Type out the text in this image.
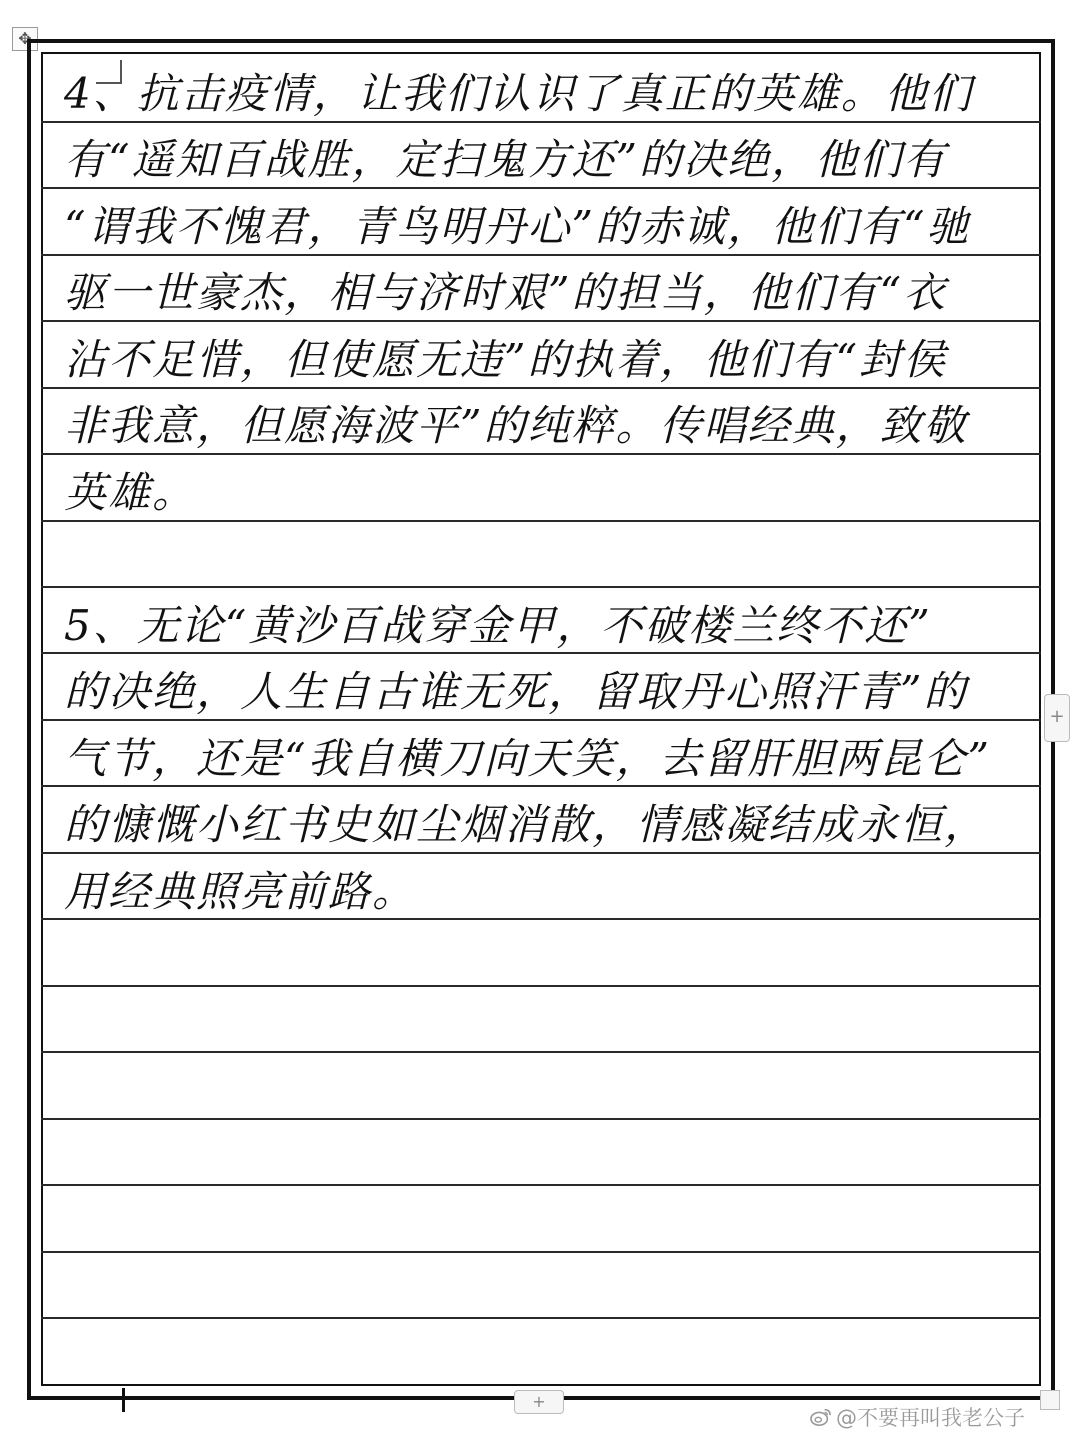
✥
4、抗击疫情，让我们认识了真正的英雄。他们
有“遥知百战胜，定扫鬼方还”的决绝，他们有
“谓我不愧君，青鸟明丹心”的赤诚，他们有“驰
驱一世豪杰，相与济时艰”的担当，他们有“衣
沾不足惜，但使愿无违”的执着，他们有“封侯
非我意，但愿海波平”的纯粹。传唱经典，致敬
英雄。
5、无论“黄沙百战穿金甲，不破楼兰终不还”
的决绝，人生自古谁无死，留取丹心照汗青”的
气节，还是“我自横刀向天笑，去留肝胆两昆仑”
的慷慨小红书史如尘烟消散，情感凝结成永恒，
用经典照亮前路。
+
+
@不要再叫我老公子
